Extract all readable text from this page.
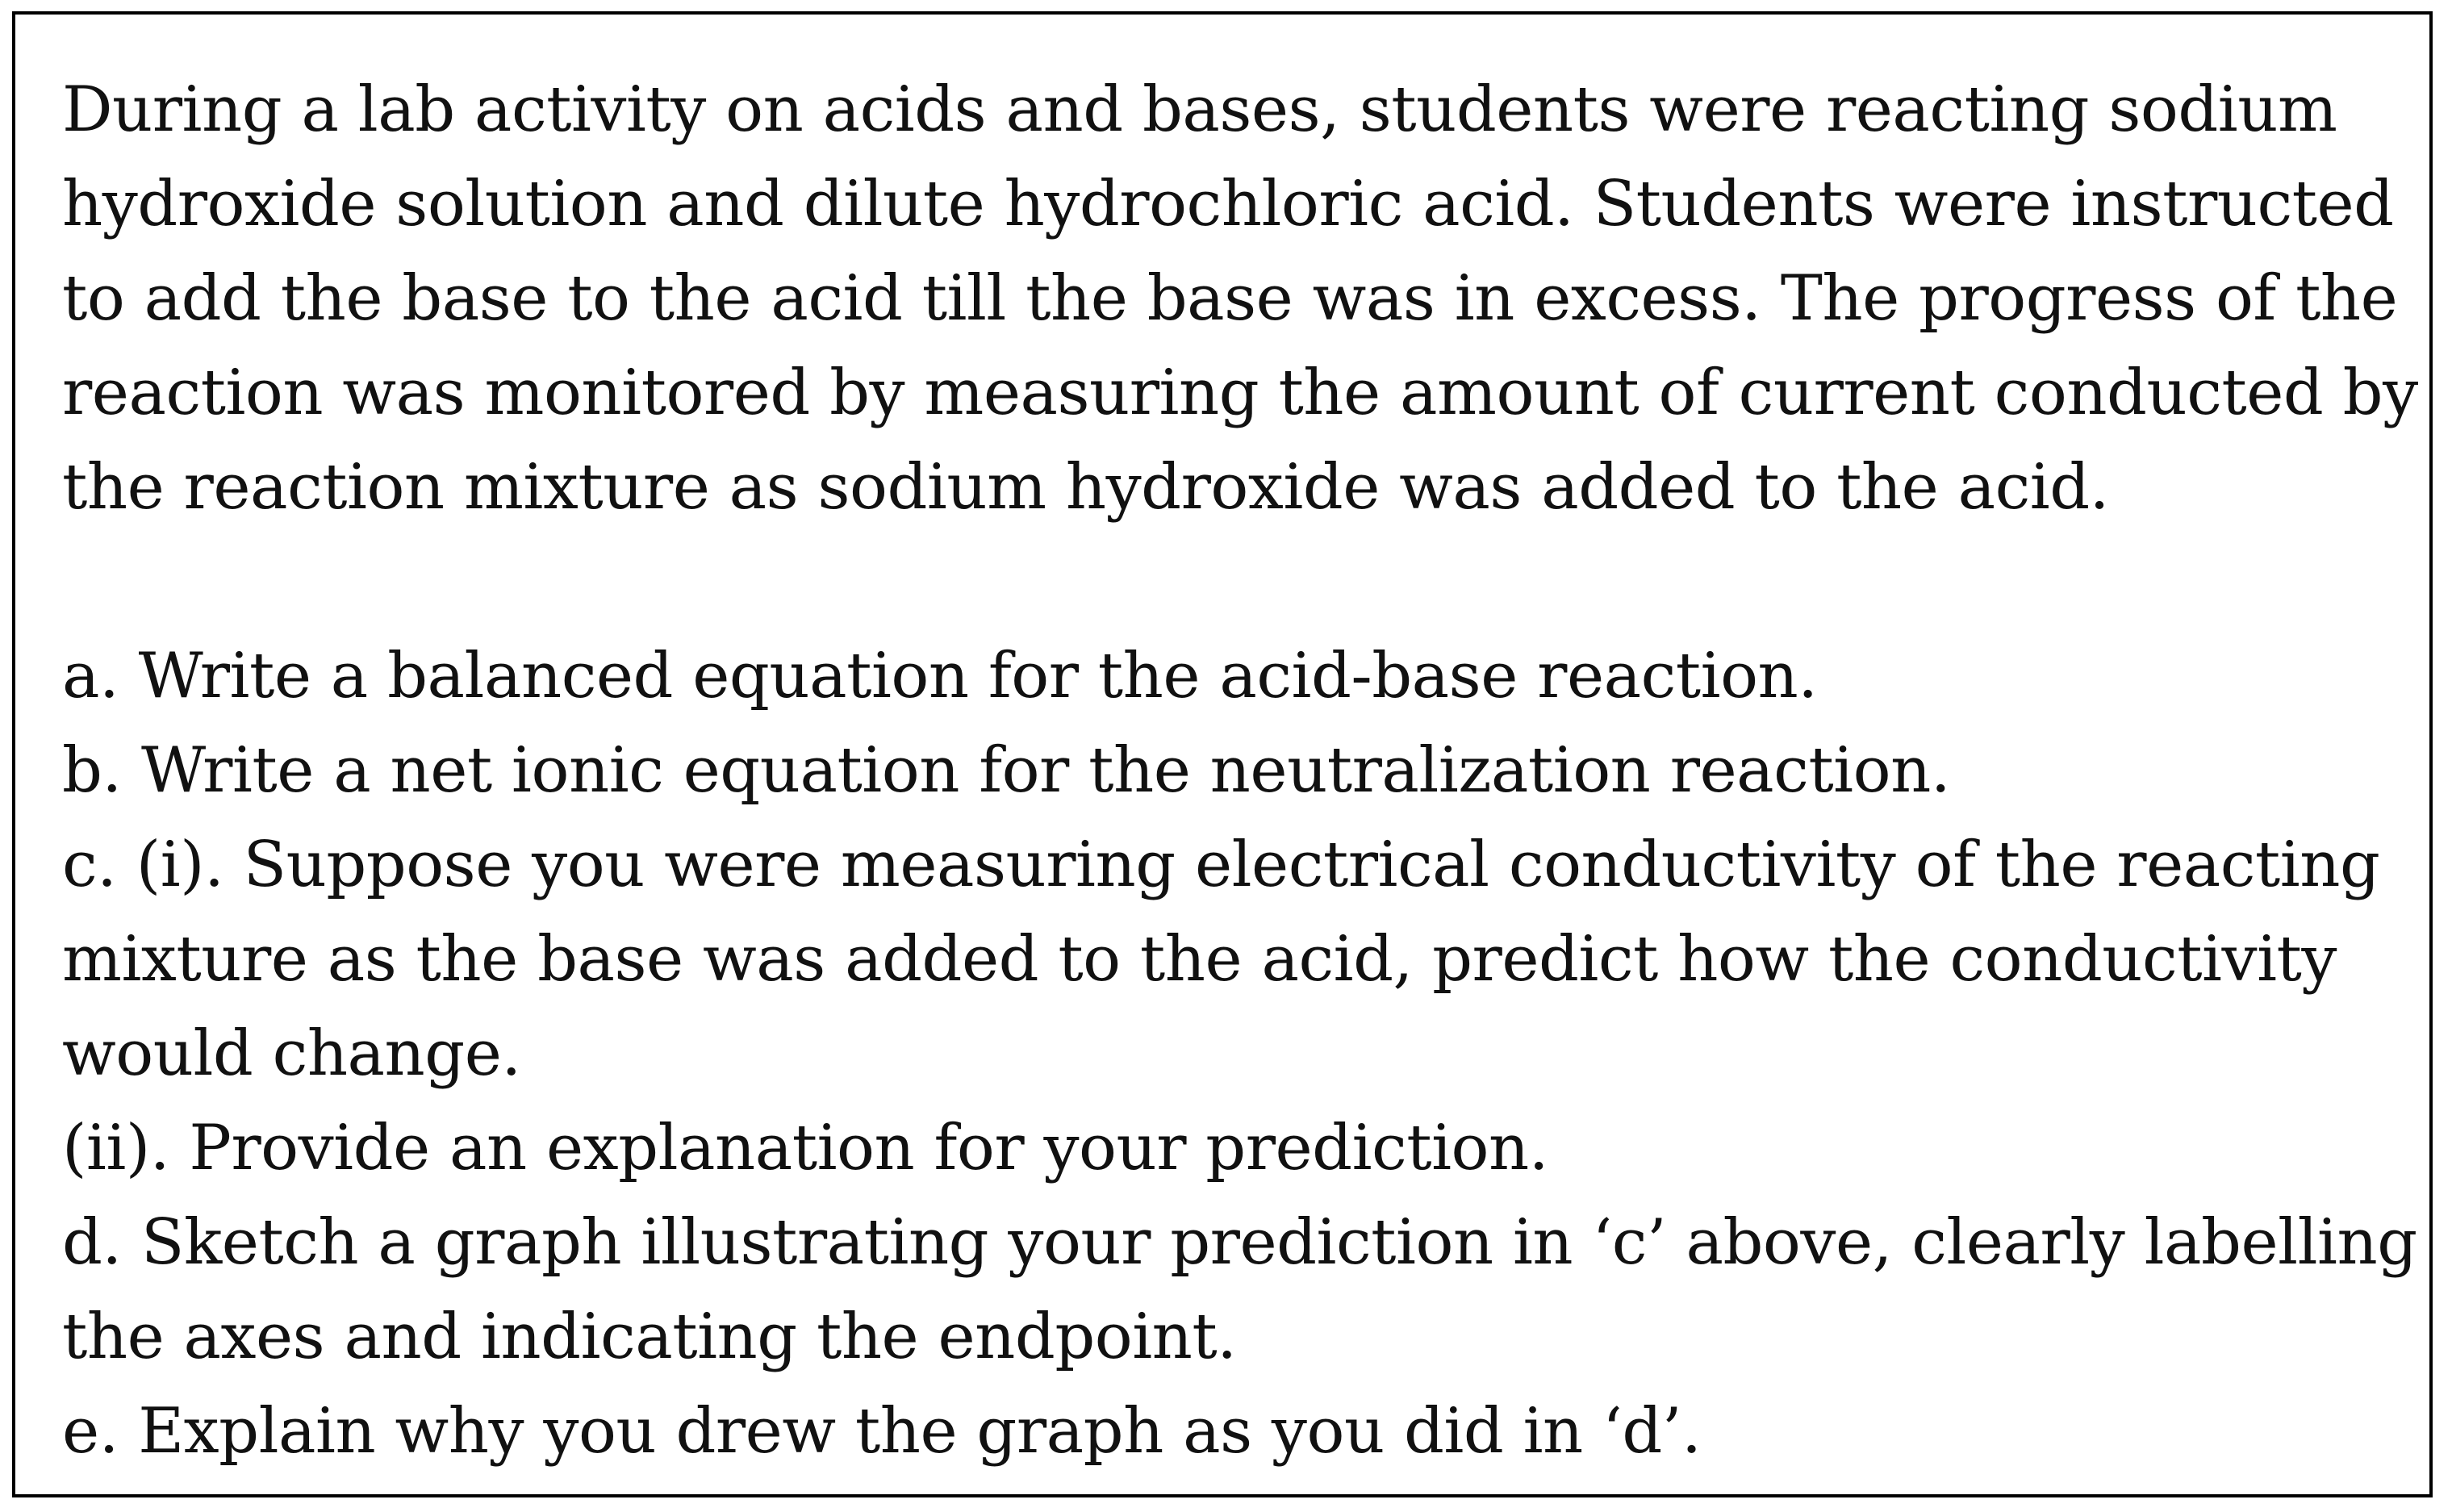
During a lab activity on acids and bases, students were reacting sodium
hydroxide solution and dilute hydrochloric acid. Students were instructed
to add the base to the acid till the base was in excess. The progress of the
reaction was monitored by measuring the amount of current conducted by
the reaction mixture as sodium hydroxide was added to the acid.
a. Write a balanced equation for the acid-base reaction.
b. Write a net ionic equation for the neutralization reaction.
c. (i). Suppose you were measuring electrical conductivity of the reacting
mixture as the base was added to the acid, predict how the conductivity
would change.
(ii). Provide an explanation for your prediction.
d. Sketch a graph illustrating your prediction in ‘c’ above, clearly labelling
the axes and indicating the endpoint.
e. Explain why you drew the graph as you did in ‘d’.
